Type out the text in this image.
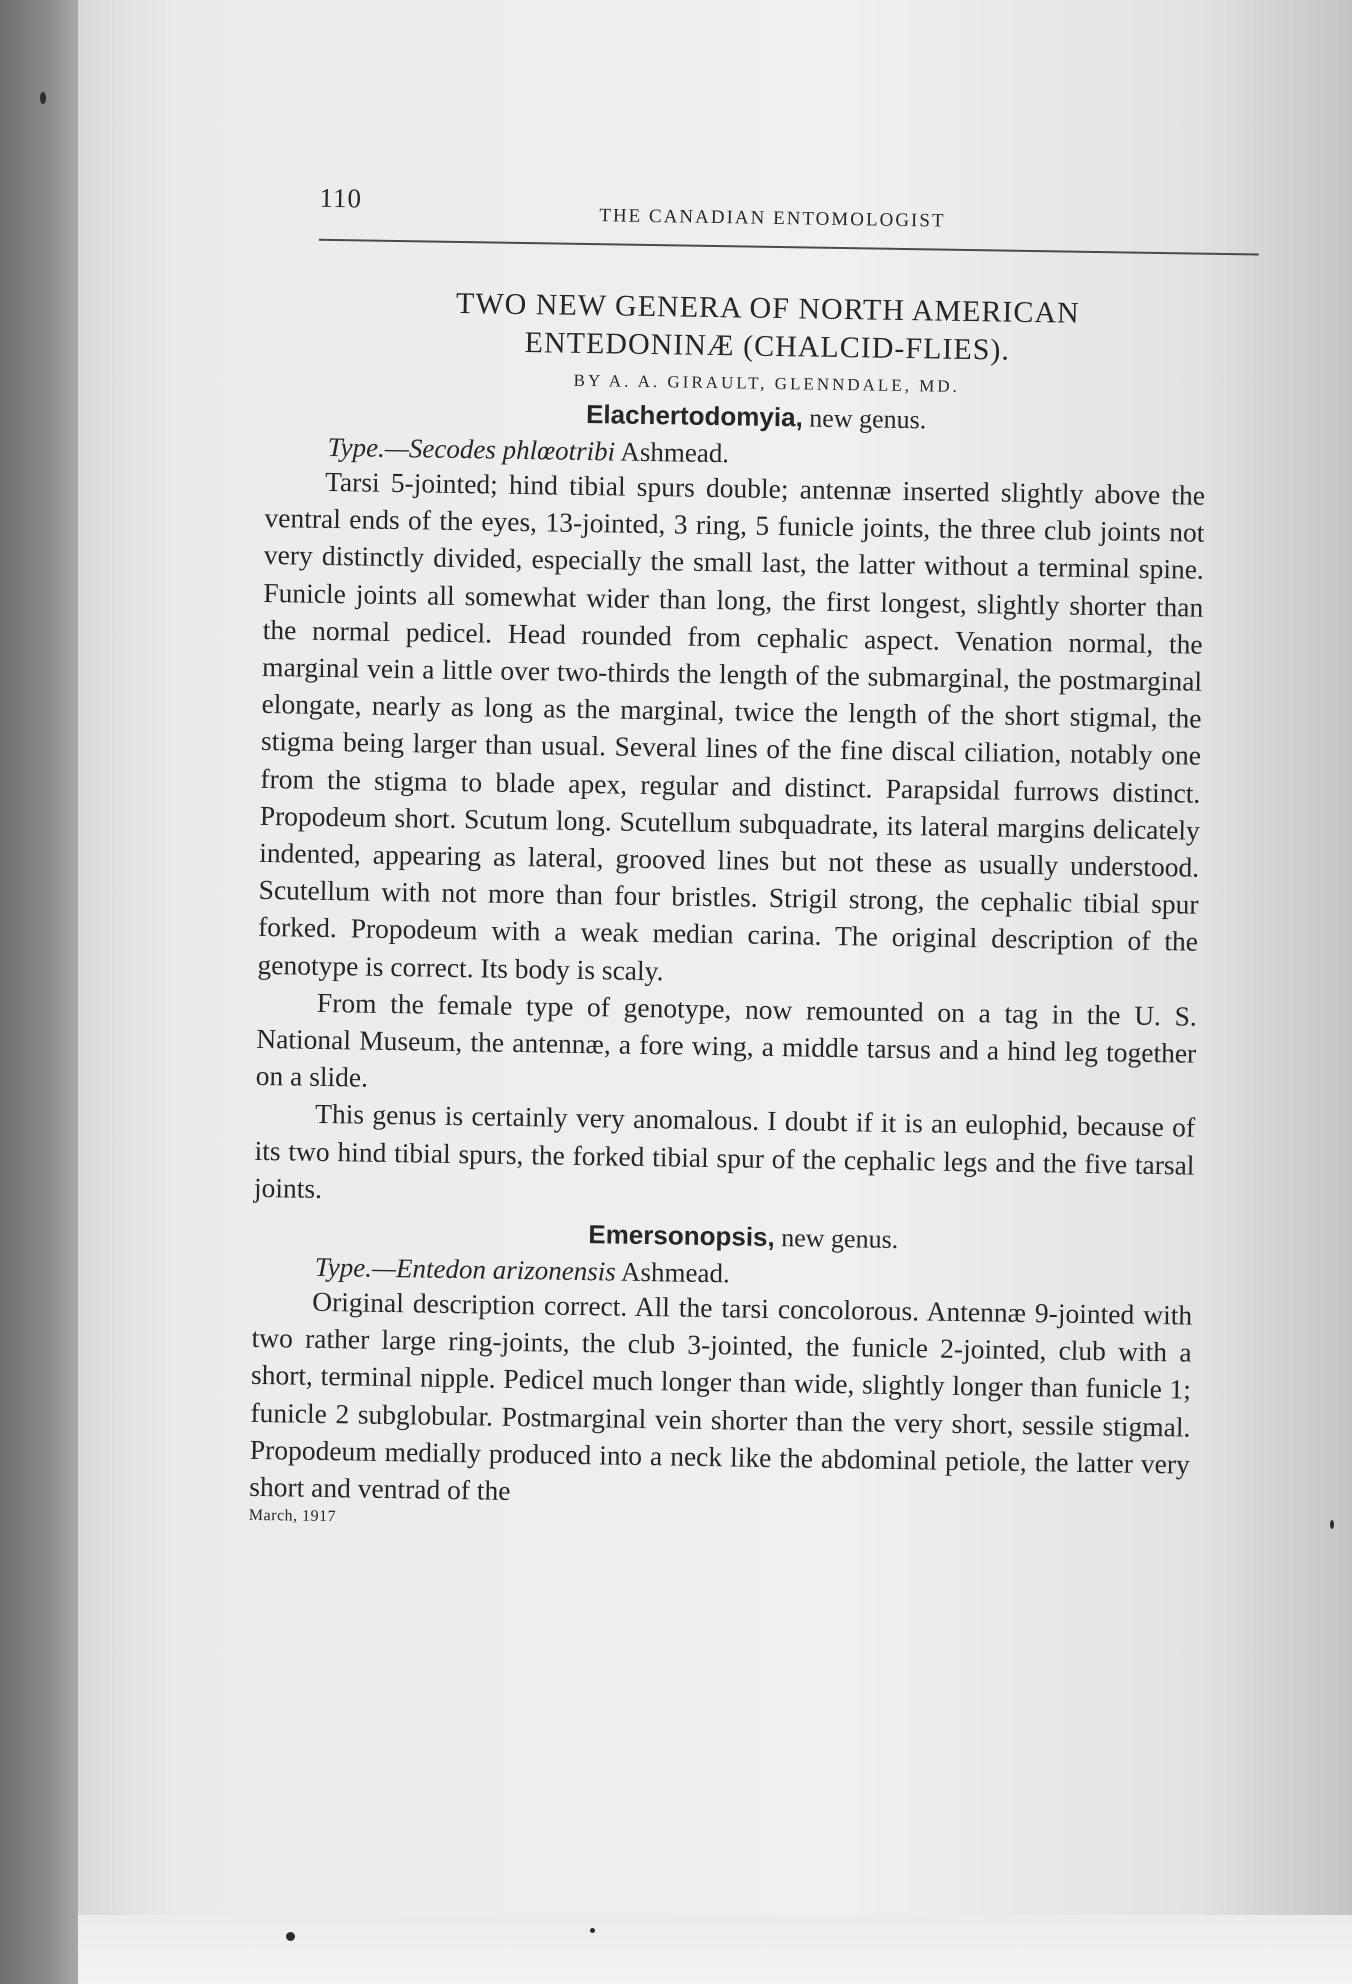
110
THE CANADIAN ENTOMOLOGIST
TWO NEW GENERA OF NORTH AMERICAN
ENTEDONINÆ (CHALCID-FLIES).
BY A. A. GIRAULT, GLENNDALE, MD.
Elachertodomyia, new genus.

Type.—Secodes phlœotribi Ashmead.

Tarsi 5-jointed; hind tibial spurs double; antennæ inserted slightly above the ventral ends of the eyes, 13-jointed, 3 ring, 5 funicle joints, the three club joints not very distinctly divided, especially the small last, the latter without a terminal spine. Funicle joints all somewhat wider than long, the first longest, slightly shorter than the normal pedicel. Head rounded from cephalic aspect. Venation normal, the marginal vein a little over two-thirds the length of the submarginal, the postmarginal elongate, nearly as long as the marginal, twice the length of the short stigmal, the stigma being larger than usual. Several lines of the fine discal ciliation, notably one from the stigma to blade apex, regular and distinct. Parapsidal furrows distinct. Propodeum short. Scutum long. Scutellum subquadrate, its lateral margins delicately indented, appearing as lateral, grooved lines but not these as usually understood. Scutellum with not more than four bristles. Strigil strong, the cephalic tibial spur forked. Propodeum with a weak median carina. The original description of the genotype is correct. Its body is scaly.

From the female type of genotype, now remounted on a tag in the U. S. National Museum, the antennæ, a fore wing, a middle tarsus and a hind leg together on a slide.

This genus is certainly very anomalous. I doubt if it is an eulophid, because of its two hind tibial spurs, the forked tibial spur of the cephalic legs and the five tarsal joints.

Emersonopsis, new genus.

Type.—Entedon arizonensis Ashmead.

Original description correct. All the tarsi concolorous. Antennæ 9-jointed with two rather large ring-joints, the club 3-jointed, the funicle 2-jointed, club with a short, terminal nipple. Pedicel much longer than wide, slightly longer than funicle 1; funicle 2 subglobular. Postmarginal vein shorter than the very short, sessile stigmal. Propodeum medially produced into a neck like the abdominal petiole, the latter very short and ventrad of the

March, 1917
